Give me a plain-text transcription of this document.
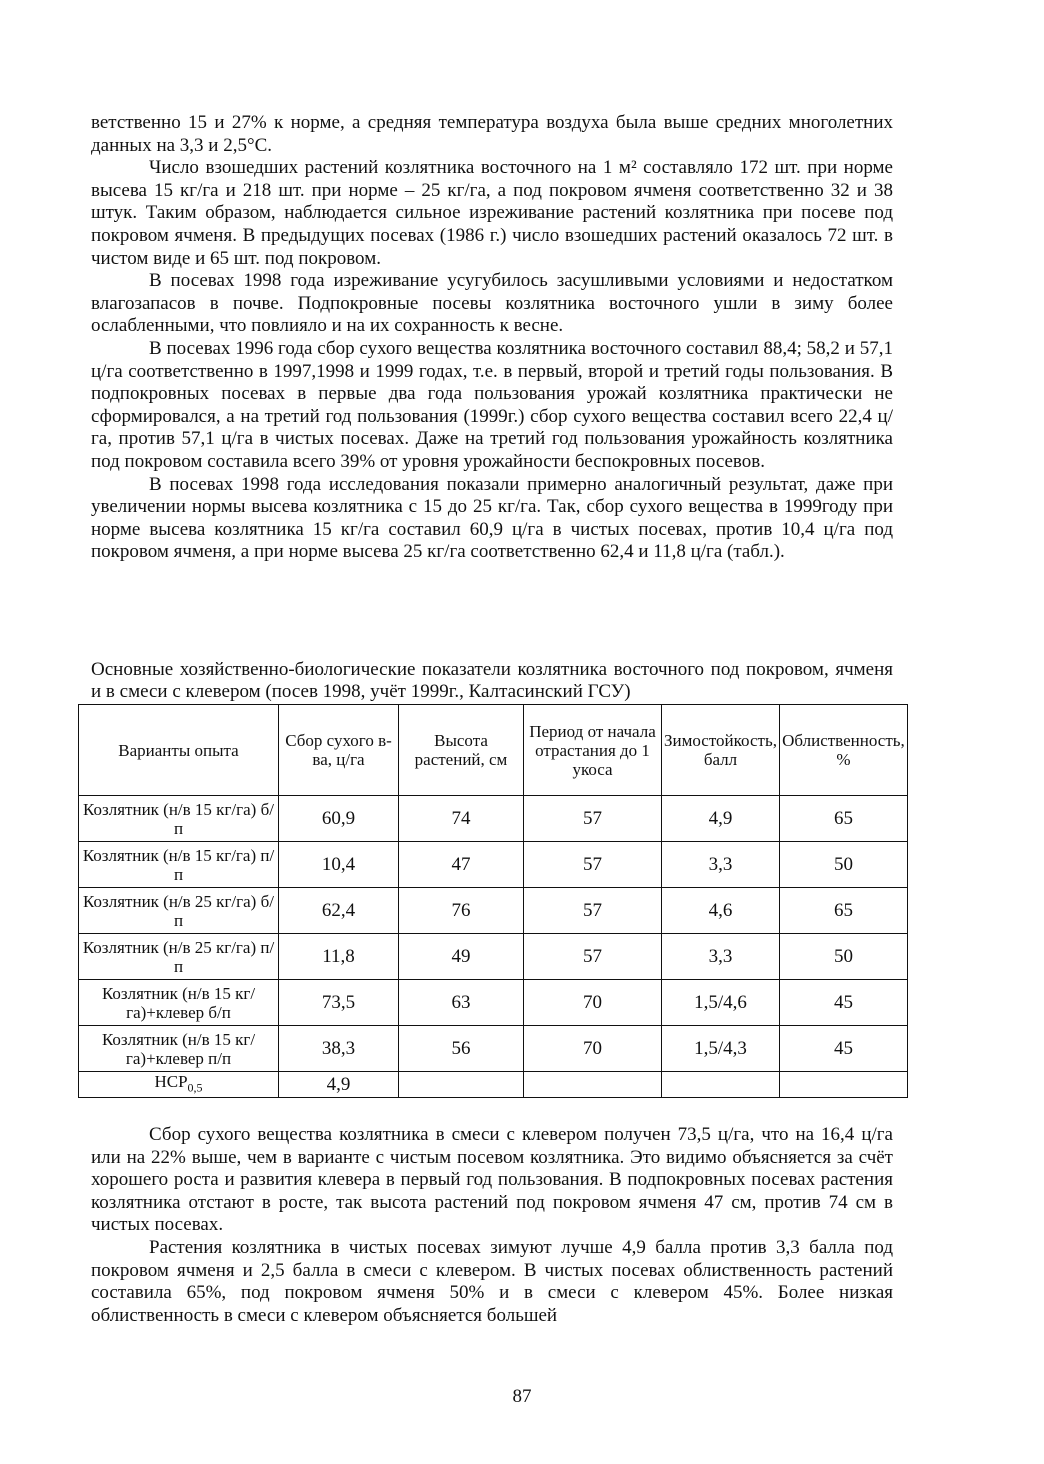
ветственно 15 и 27% к норме, а средняя температура воздуха была выше средних многолетних данных на 3,3 и 2,5°С.

Число взошедших растений козлятника восточного на 1 м² составляло 172 шт. при норме высева 15 кг/га и 218 шт. при норме – 25 кг/га, а под покровом ячменя соответственно 32 и 38 штук. Таким образом, наблюдается сильное изреживание растений козлятника при посеве под покровом ячменя. В предыдущих посевах (1986 г.) число взошедших растений оказалось 72 шт. в чистом виде и 65 шт. под покровом.

В посевах 1998 года изреживание усугубилось засушливыми условиями и недостатком влагозапасов в почве. Подпокровные посевы козлятника восточного ушли в зиму более ослабленными, что повлияло и на их сохранность к весне.

В посевах 1996 года сбор сухого вещества козлятника восточного составил 88,4; 58,2 и 57,1 ц/га соответственно в 1997,1998 и 1999 годах, т.е. в первый, второй и третий годы пользования. В подпокровных посевах в первые два года пользования урожай козлятника практически не сформировался, а на третий год пользования (1999г.) сбор сухого вещества составил всего 22,4 ц/га, против 57,1 ц/га в чистых посевах. Даже на третий год пользования урожайность козлятника под покровом составила всего 39% от уровня урожайности беспокровных посевов.

В посевах 1998 года исследования показали примерно аналогичный результат, даже при увеличении нормы высева козлятника с 15 до 25 кг/га. Так, сбор сухого вещества в 1999году при норме высева козлятника 15 кг/га составил 60,9 ц/га в чистых посевах, против 10,4 ц/га под покровом ячменя, а при норме высева 25 кг/га соответственно 62,4 и 11,8 ц/га (табл.).

Основные хозяйственно-биологические показатели козлятника восточного под покровом, ячменя и в смеси с клевером (посев 1998, учёт 1999г., Калтасинский ГСУ)
Варианты опыта	Сбор сухого в-ва, ц/га	Высота растений, см	Период от начала отрастания до 1 укоса	Зимостойкость, балл	Облиственность, %
Козлятник (н/в 15 кг/га) б/п	60,9	74	57	4,9	65
Козлятник (н/в 15 кг/га) п/п	10,4	47	57	3,3	50
Козлятник (н/в 25 кг/га) б/п	62,4	76	57	4,6	65
Козлятник (н/в 25 кг/га) п/п	11,8	49	57	3,3	50
Козлятник (н/в 15 кг/га)+клевер б/п	73,5	63	70	1,5/4,6	45
Козлятник (н/в 15 кг/га)+клевер п/п	38,3	56	70	1,5/4,3	45
$НСР_{0,5}$	4,9				

Сбор сухого вещества козлятника в смеси с клевером получен 73,5 ц/га, что на 16,4 ц/га или на 22% выше, чем в варианте с чистым посевом козлятника. Это видимо объясняется за счёт хорошего роста и развития клевера в первый год пользования. В подпокровных посевах растения козлятника отстают в росте, так высота растений под покровом ячменя 47 см, против 74 см в чистых посевах.

Растения козлятника в чистых посевах зимуют лучше 4,9 балла против 3,3 балла под покровом ячменя и 2,5 балла в смеси с клевером. В чистых посевах облиственность растений составила 65%, под покровом ячменя 50% и в смеси с клевером 45%. Более низкая облиственность в смеси с клевером объясняется большей

87
